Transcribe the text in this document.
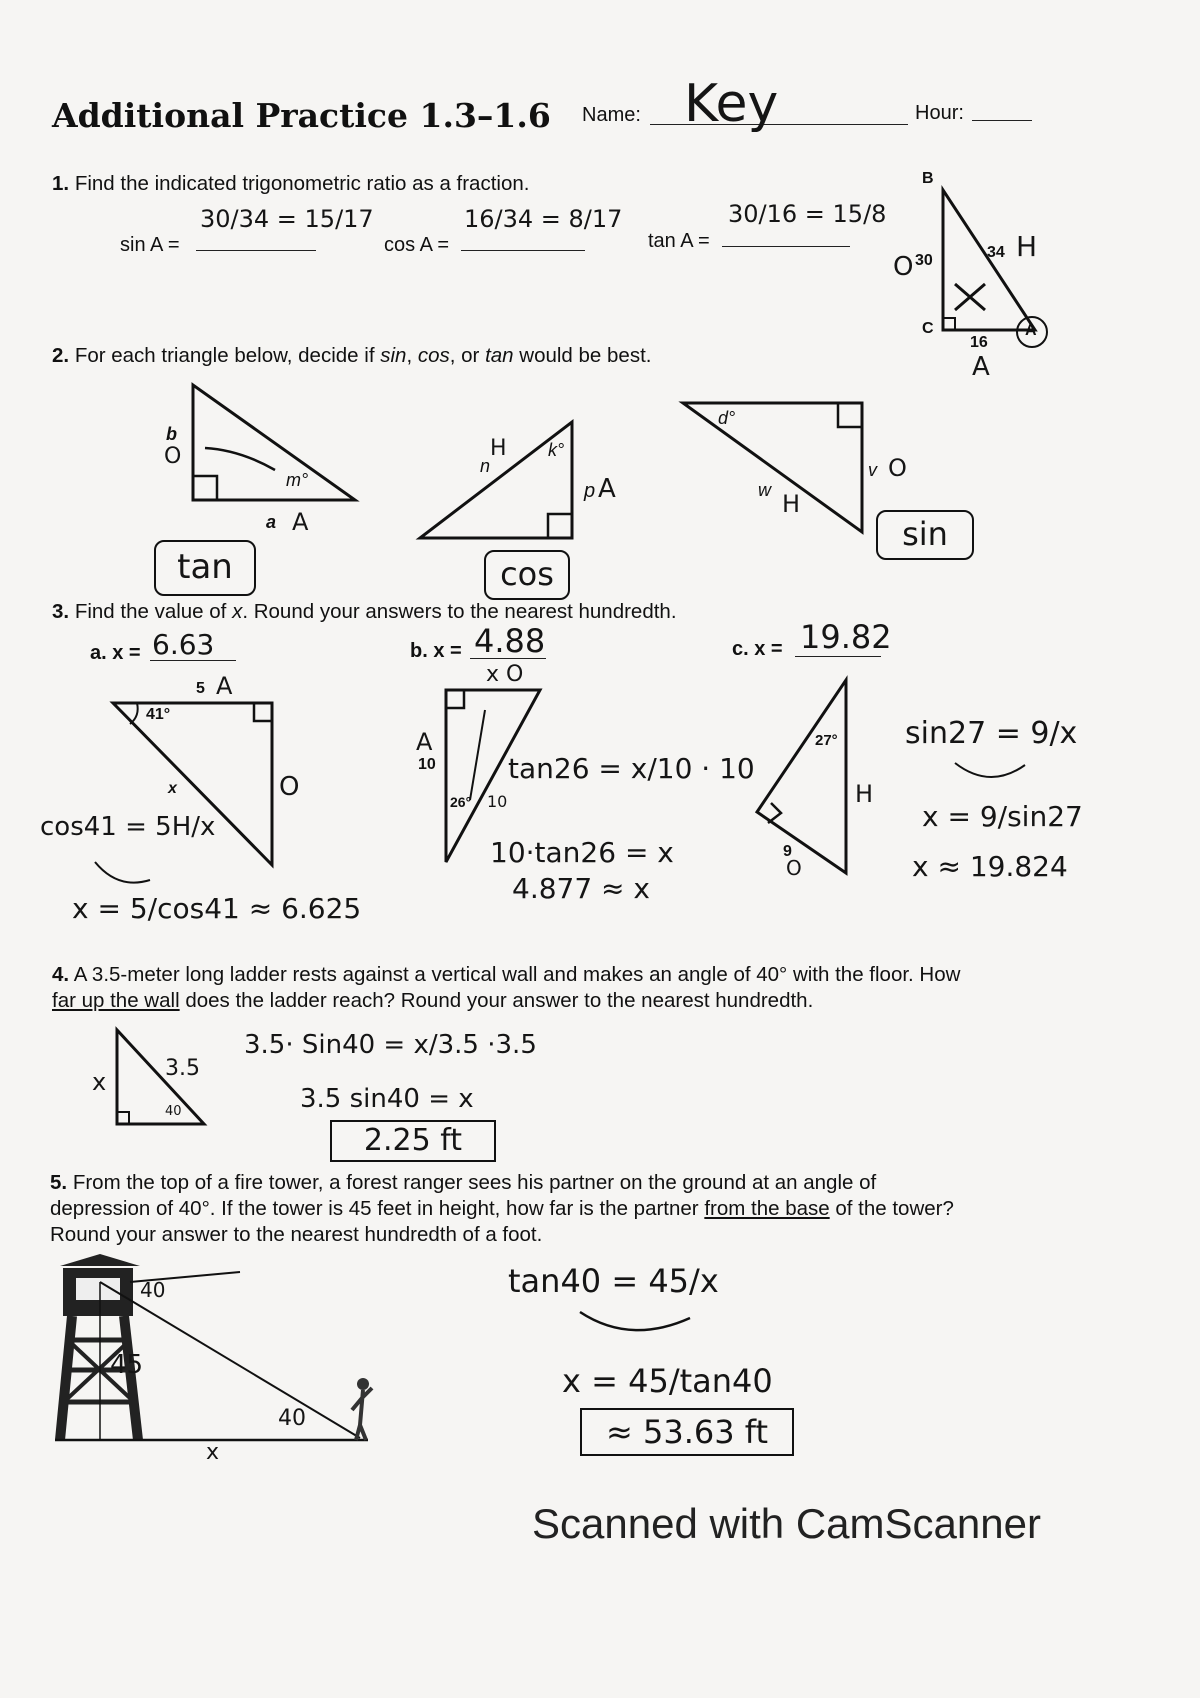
Additional Practice 1.3–1.6 Name: Key	Hour:
1. Find the indicated trigonometric ratio as a fraction.
sin A =
30/34 = 15/17
cos A =
16/34 = 8/17
tan A =
30/16 = 15/8
B
C	A
30	34
16
H
O
A
2. For each triangle below, decide if sin, cos, or tan would be best.
b
O
m°
a A
tan
n
H k°
p A
cos
d°
v O
w H
sin
3. Find the value of x. Round your answers to the nearest hundredth.
a. x = 6.63	b. x = 4.88	c. x = 19.82
41°
5 A
x	O
cos41 = 5H/x
x = 5/cos41 ≈ 6.625
x O
A
10
26° 10
tan26 = x/10 · 10
10·tan26 = x
4.877 ≈ x
27°
O
9
H
sin27 = 9/x
x = 9/sin27
x ≈ 19.824
4. A 3.5-meter long ladder rests against a vertical wall and makes an angle of 40° with the floor. How
far up the wall does the ladder reach? Round your answer to the nearest hundredth.
x	3.5
40
3.5· Sin40 = x/3.5 ·3.5
3.5 sin40 = x
2.25 ft
5. From the top of a fire tower, a forest ranger sees his partner on the ground at an angle of
depression of 40°. If the tower is 45 feet in height, how far is the partner from the base of the tower?
Round your answer to the nearest hundredth of a foot.
40
45
40
x
tan40 = 45/x
x = 45/tan40
≈ 53.63 ft
Scanned with CamScanner
